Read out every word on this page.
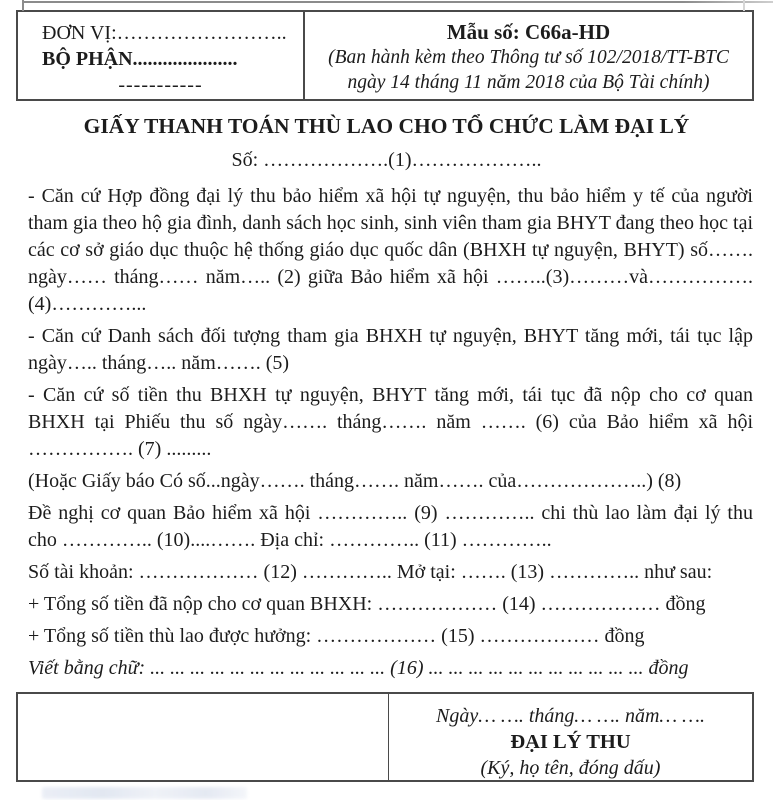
ĐƠN VỊ:……………………..
BỘ PHẬN.....................
-----------
Mẫu số: C66a-HD
(Ban hành kèm theo Thông tư số 102/2018/TT-BTC
ngày 14 tháng 11 năm 2018 của Bộ Tài chính)
GIẤY THANH TOÁN THÙ LAO CHO TỔ CHỨC LÀM ĐẠI LÝ
Số: ……………….(1)………………..

- Căn cứ Hợp đồng đại lý thu bảo hiểm xã hội tự nguyện, thu bảo hiểm y tế của người tham gia theo hộ gia đình, danh sách học sinh, sinh viên tham gia BHYT đang theo học tại các cơ sở giáo dục thuộc hệ thống giáo dục quốc dân (BHXH tự nguyện, BHYT) số……. ngày…… tháng…… năm….. (2) giữa Bảo hiểm xã hội ……..(3)………và…………….(4)…………...

- Căn cứ Danh sách đối tượng tham gia BHXH tự nguyện, BHYT tăng mới, tái tục lập ngày….. tháng….. năm……. (5)

- Căn cứ số tiền thu BHXH tự nguyện, BHYT tăng mới, tái tục đã nộp cho cơ quan BHXH tại Phiếu thu số ngày……. tháng……. năm ……. (6) của Bảo hiểm xã hội ……………. (7) .........

(Hoặc Giấy báo Có số...ngày……. tháng……. năm……. của………………..) (8)

Đề nghị cơ quan Bảo hiểm xã hội ………….. (9) ………….. chi thù lao làm đại lý thu cho ………….. (10)....……. Địa chỉ: ………….. (11) …………..

Số tài khoản: ……………… (12) ………….. Mở tại: ……. (13) ………….. như sau:

+ Tổng số tiền đã nộp cho cơ quan BHXH: ……………… (14) ……………… đồng

+ Tổng số tiền thù lao được hưởng: ……………… (15) ……………… đồng

Viết bằng chữ: ... ... ... ... ... ... ... ... ... ... ... ... (16) ... ... ... ... ... ... ... ... ... ... ... đồng

Ngày… …. tháng… …. năm… ….
ĐẠI LÝ THU
(Ký, họ tên, đóng dấu)
